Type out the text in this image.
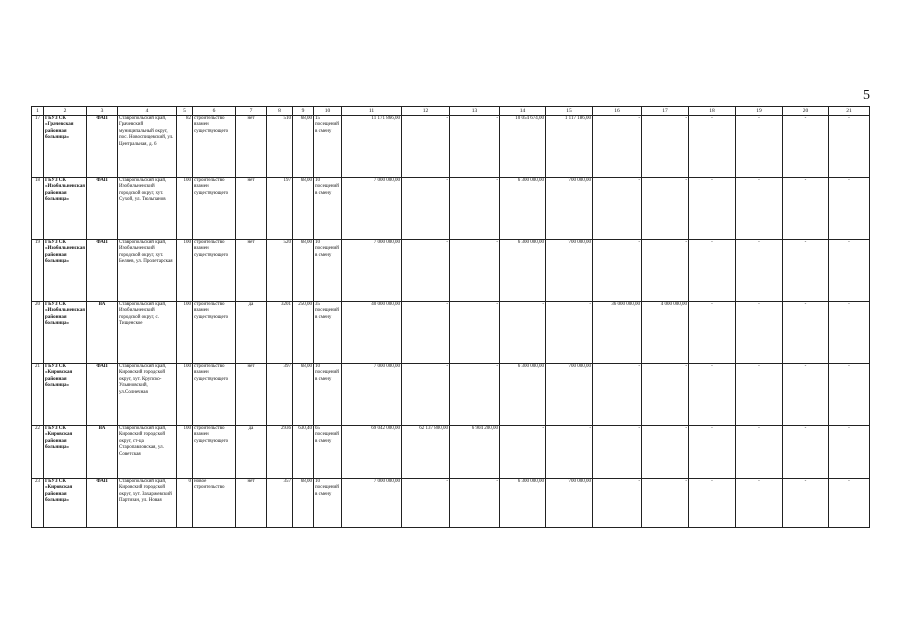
5
1	2	3	4	5	6	7	8	9	10	11	12	13	14	15	16	17	18	19	20	21
17	ГБУЗ СК «Грачевская районная больница»	ФАП	Ставропольский край, Грачевский муниципальный округ, пос. Новоспицевский, ул. Центральная, д. 6	82	строительство взамен существующего	нет	510	68,00	15 посещений в смену	11 171 866,00	-	-	10 054 674,00	1 117 186,00	-	-	-	-	-	-
18	ГБУЗ СК «Изобильненская районная больница»	ФАП	Ставропольский край, Изобильненский городской округ, хут. Сухой, ул. Тюльпанов	100	строительство взамен существующего	нет	197	68,00	10 посещений в смену	7 000 000,00	-	-	6 300 000,00	700 000,00	-	-	-	-	-	-
19	ГБУЗ СК «Изобильненская районная больница»	ФАП	Ставропольский край, Изобильненский городской округ, хут. Беляев, ул. Пролетарская	100	строительство взамен существующего	нет	520	68,00	10 посещений в смену	7 000 000,00	-	-	6 300 000,00	700 000,00	-	-	-	-	-	-
20	ГБУЗ СК «Изобильненская районная больница»	ВА	Ставропольский край, Изобильненский городской округ, с. Тищенское	100	строительство взамен существующего	да	3201	250,00	35 посещений в смену	40 000 000,00	-	-	-	-	36 000 000,00	4 000 000,00	-	-	-	-
21	ГБУЗ СК «Кировская районная больница»	ФАП	Ставропольский край, Кировский городской округ, хут. Крупско-Ульяновский, ул.Солнечная	100	строительство взамен существующего	нет	397	68,00	10 посещений в смену	7 000 000,00	-	-	6 300 000,00	700 000,00	-	-	-	-	-	-
22	ГБУЗ СК «Кировская районная больница»	ВА	Ставропольский край, Кировский городской округ, ст-ца Старопавловская, ул. Советская	100	строительство взамен существующего	да	2936	630,40	65 посещений в смену	69 042 000,00	62 137 800,00	6 904 200,00	-	-	-	-	-	-	-	-
23	ГБУЗ СК «Кировская районная больница»	ФАП	Ставропольский край, Кировский городской округ, хут. Захаржевский Партизан, ул. Новая	0	новое строительство	нет	357	68,00	10 посещений в смену	7 000 000,00	-	-	6 300 000,00	700 000,00	-	-	-	-	-	-
